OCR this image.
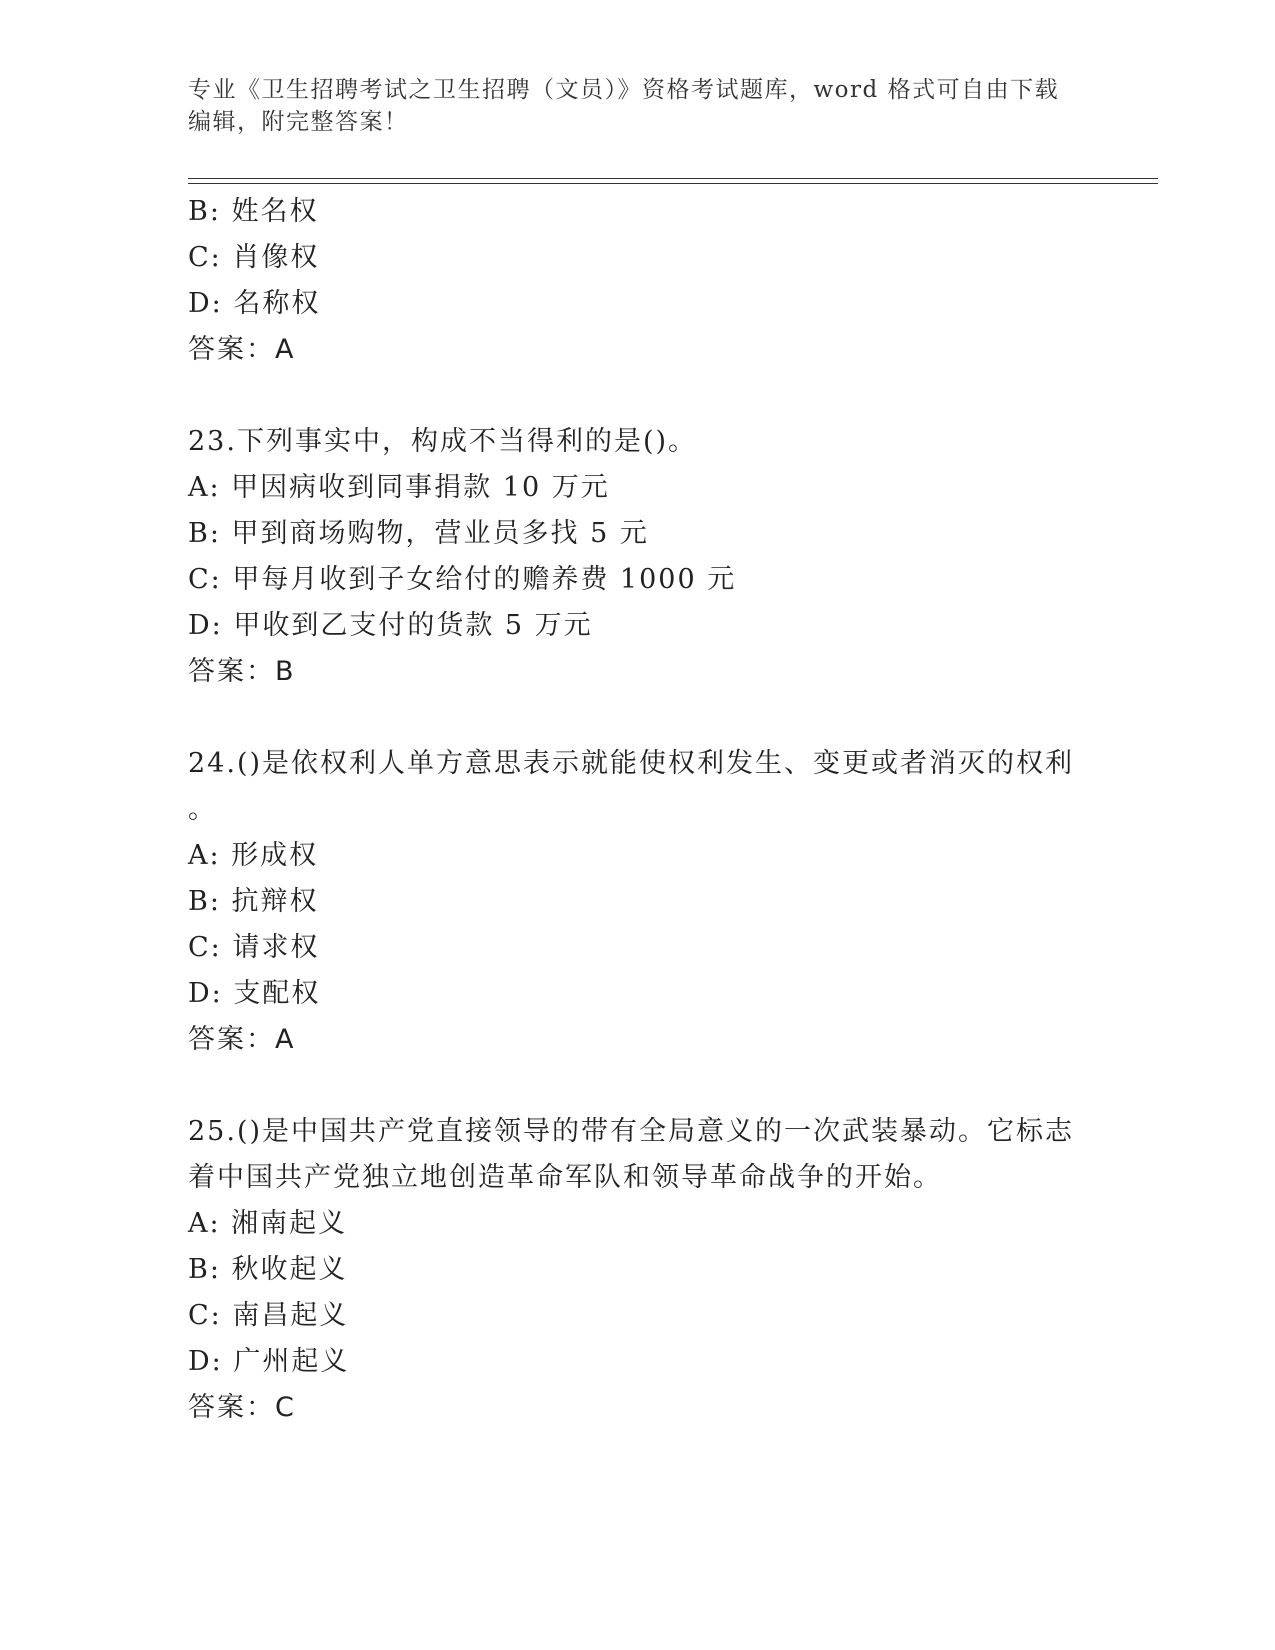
专业《卫生招聘考试之卫生招聘（文员）》资格考试题库，word 格式可自由下载
编辑，附完整答案！
B: 姓名权
C: 肖像权
D: 名称权
答案：A
23.下列事实中，构成不当得利的是()。
A: 甲因病收到同事捐款 10 万元
B: 甲到商场购物，营业员多找 5 元
C: 甲每月收到子女给付的赡养费 1000 元
D: 甲收到乙支付的货款 5 万元
答案：B
24.()是依权利人单方意思表示就能使权利发生、变更或者消灭的权利
。
A: 形成权
B: 抗辩权
C: 请求权
D: 支配权
答案：A
25.()是中国共产党直接领导的带有全局意义的一次武装暴动。它标志
着中国共产党独立地创造革命军队和领导革命战争的开始。
A: 湘南起义
B: 秋收起义
C: 南昌起义
D: 广州起义
答案：C
